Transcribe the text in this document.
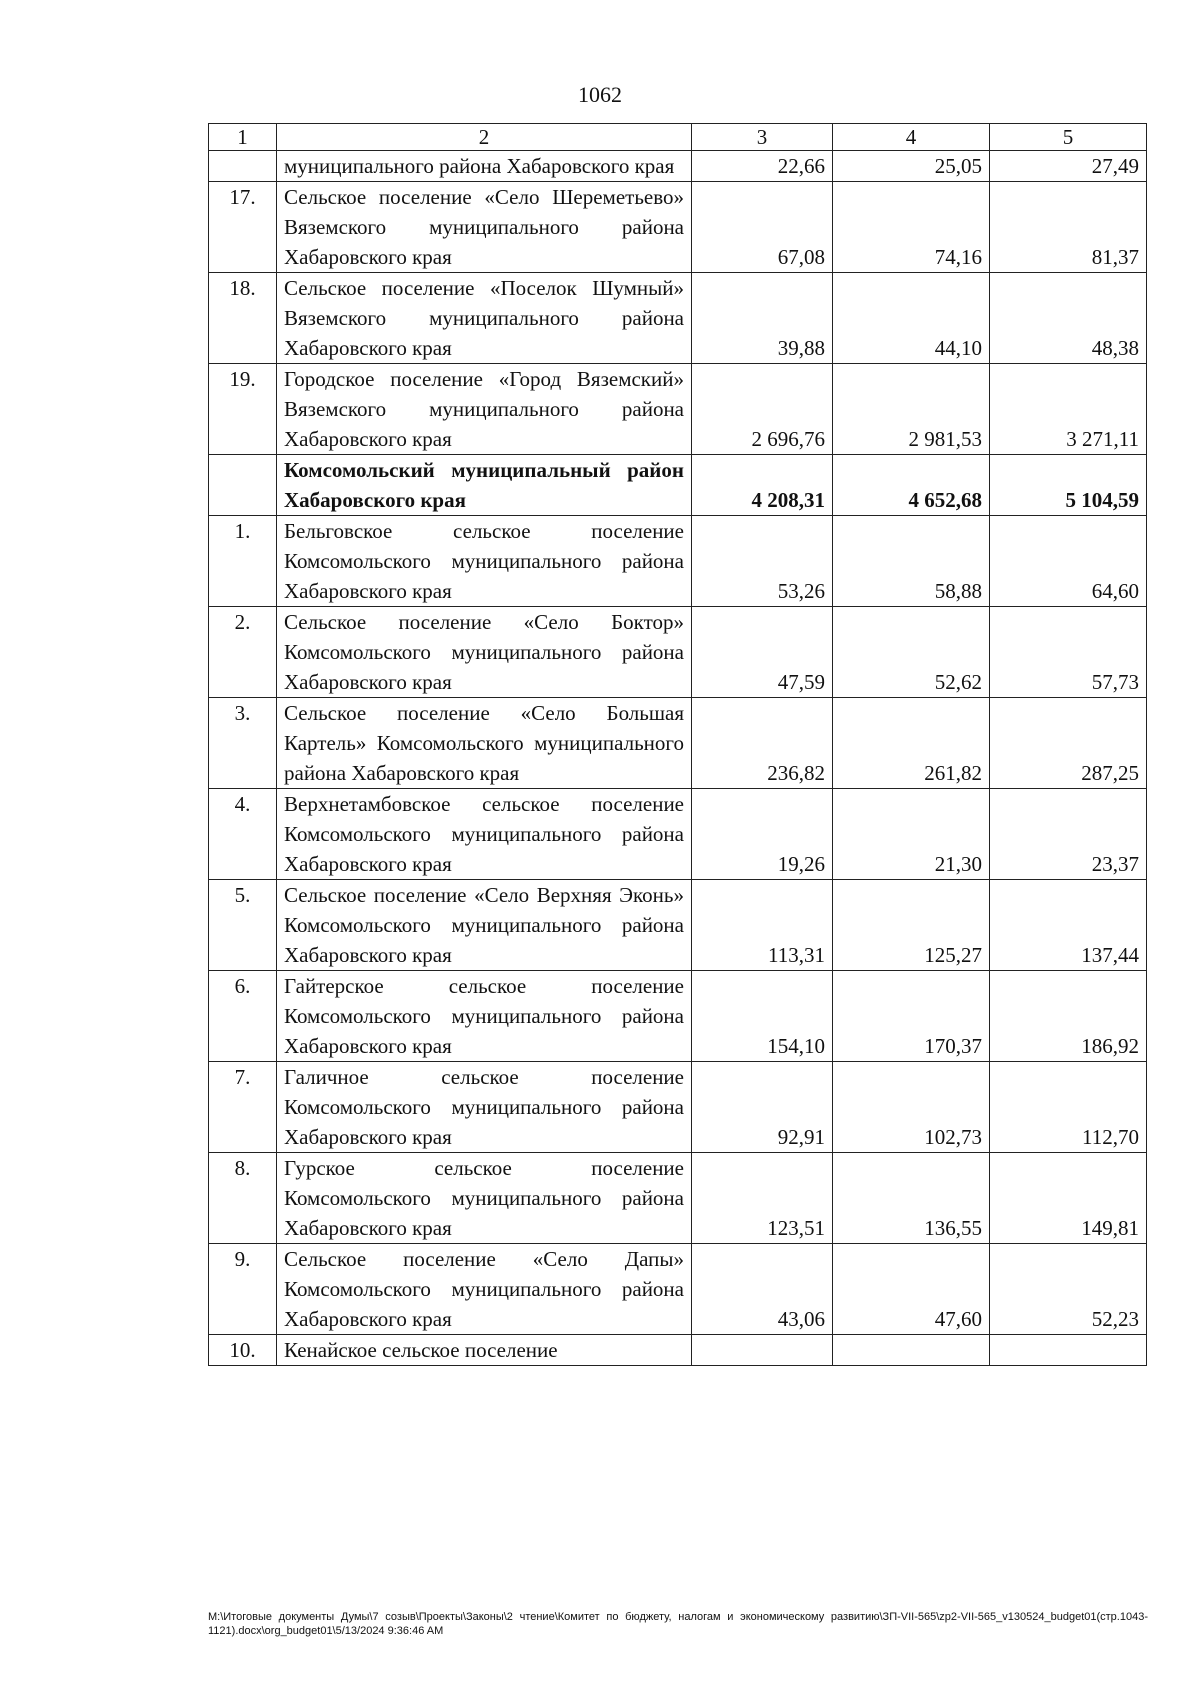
1062
1	2	3	4	5
	муниципального района Хабаровского края	22,66	25,05	27,49
17.	Сельское поселение «Село Шереметьево» Вяземского муниципального района Хабаровского края	67,08	74,16	81,37
18.	Сельское поселение «Поселок Шумный» Вяземского муниципального района Хабаровского края	39,88	44,10	48,38
19.	Городское поселение «Город Вяземский» Вяземского муниципального района Хабаровского края	2 696,76	2 981,53	3 271,11
	Комсомольский муниципальный район Хабаровского края	4 208,31	4 652,68	5 104,59
1.	Бельговское сельское поселение Комсомольского муниципального района Хабаровского края	53,26	58,88	64,60
2.	Сельское поселение «Село Боктор» Комсомольского муниципального района Хабаровского края	47,59	52,62	57,73
3.	Сельское поселение «Село Большая Картель» Комсомольского муниципального района Хабаровского края	236,82	261,82	287,25
4.	Верхнетамбовское сельское поселение Комсомольского муниципального района Хабаровского края	19,26	21,30	23,37
5.	Сельское поселение «Село Верхняя Эконь» Комсомольского муниципального района Хабаровского края	113,31	125,27	137,44
6.	Гайтерское сельское поселение Комсомольского муниципального района Хабаровского края	154,10	170,37	186,92
7.	Галичное сельское поселение Комсомольского муниципального района Хабаровского края	92,91	102,73	112,70
8.	Гурское сельское поселение Комсомольского муниципального района Хабаровского края	123,51	136,55	149,81
9.	Сельское поселение «Село Дапы» Комсомольского муниципального района Хабаровского края	43,06	47,60	52,23
10.	Кенайское сельское поселение			
M:\Итоговые документы Думы\7 созыв\Проекты\Законы\2 чтение\Комитет по бюджету, налогам и экономическому развитию\ЗП-VII-565\zp2-VII-565_v130524_budget01(стр.1043-1121).docx\org_budget01\5/13/2024 9:36:46 AM
